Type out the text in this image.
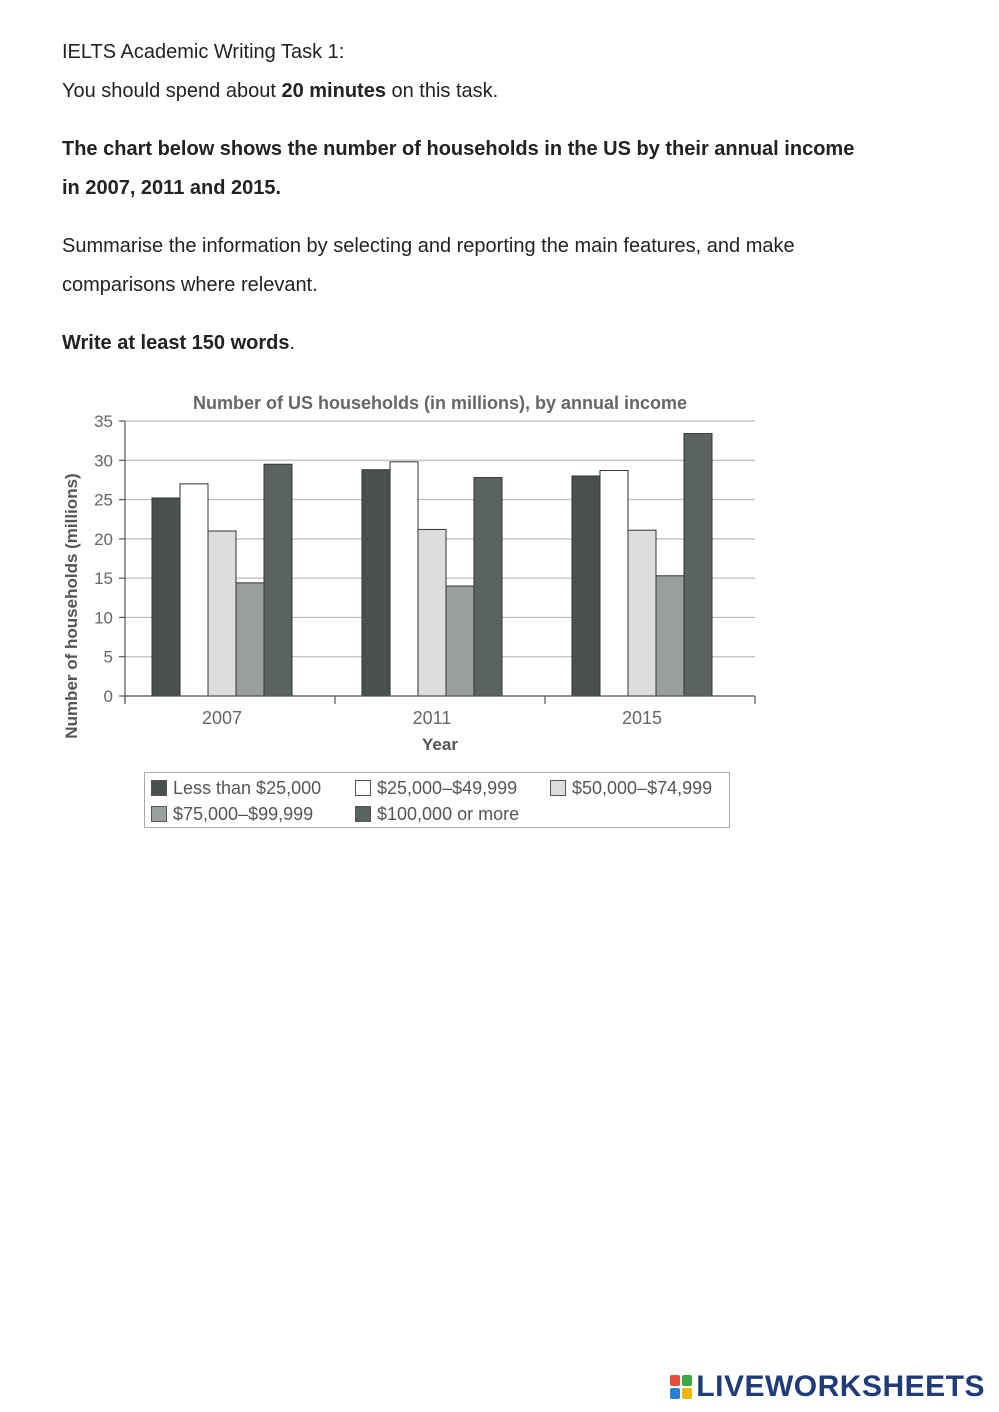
IELTS Academic Writing Task 1:
You should spend about 20 minutes on this task.
The chart below shows the number of households in the US by their annual income
in 2007, 2011 and 2015.
Summarise the information by selecting and reporting the main features, and make
comparisons where relevant.
Write at least 150 words.
Number of US households (in millions), by annual income
Number of households (millions)
Year
0
5
10
15
20
25
30
35
2007	2011	2015
Less than $25,000	$25,000–$49,999	$50,000–$74,999
$75,000–$99,999	$100,000 or more
LIVEWORKSHEETS
